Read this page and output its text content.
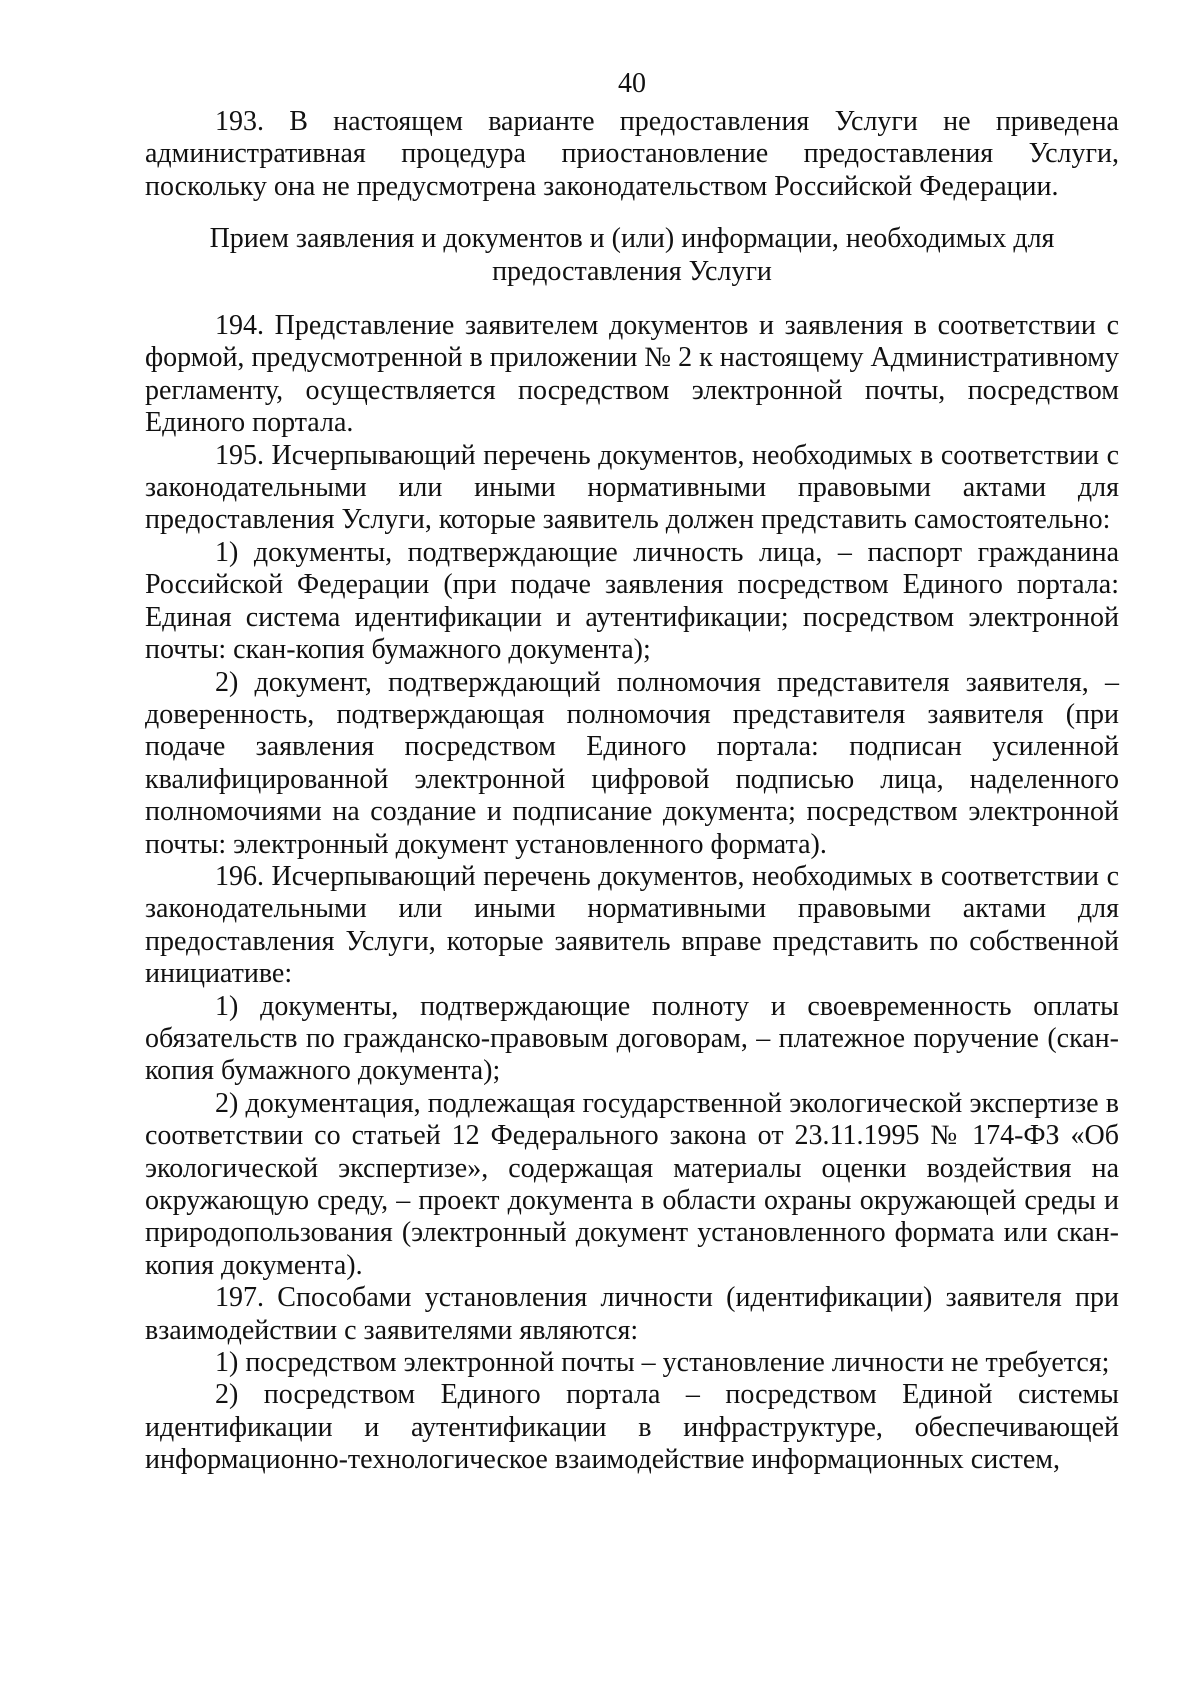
40

193. В настоящем варианте предоставления Услуги не приведена административная процедура приостановление предоставления Услуги, поскольку она не предусмотрена законодательством Российской Федерации.

Прием заявления и документов и (или) информации, необходимых для предоставления Услуги

194. Представление заявителем документов и заявления в соответствии с формой, предусмотренной в приложении № 2 к настоящему Административному регламенту, осуществляется посредством электронной почты, посредством Единого портала.

195. Исчерпывающий перечень документов, необходимых в соответствии с законодательными или иными нормативными правовыми актами для предоставления Услуги, которые заявитель должен представить самостоятельно:

1) документы, подтверждающие личность лица, – паспорт гражданина Российской Федерации (при подаче заявления посредством Единого портала: Единая система идентификации и аутентификации; посредством электронной почты: скан-копия бумажного документа);

2) документ, подтверждающий полномочия представителя заявителя, – доверенность, подтверждающая полномочия представителя заявителя (при подаче заявления посредством Единого портала: подписан усиленной квалифицированной электронной цифровой подписью лица, наделенного полномочиями на создание и подписание документа; посредством электронной почты: электронный документ установленного формата).

196. Исчерпывающий перечень документов, необходимых в соответствии с законодательными или иными нормативными правовыми актами для предоставления Услуги, которые заявитель вправе представить по собственной инициативе:

1) документы, подтверждающие полноту и своевременность оплаты обязательств по гражданско-правовым договорам, – платежное поручение (скан-копия бумажного документа);

2) документация, подлежащая государственной экологической экспертизе в соответствии со статьей 12 Федерального закона от 23.11.1995 № 174-ФЗ «Об экологической экспертизе», содержащая материалы оценки воздействия на окружающую среду, – проект документа в области охраны окружающей среды и природопользования (электронный документ установленного формата или скан-копия документа).

197. Способами установления личности (идентификации) заявителя при взаимодействии с заявителями являются:

1) посредством электронной почты – установление личности не требуется;

2) посредством Единого портала – посредством Единой системы идентификации и аутентификации в инфраструктуре, обеспечивающей информационно-технологическое взаимодействие информационных систем,
